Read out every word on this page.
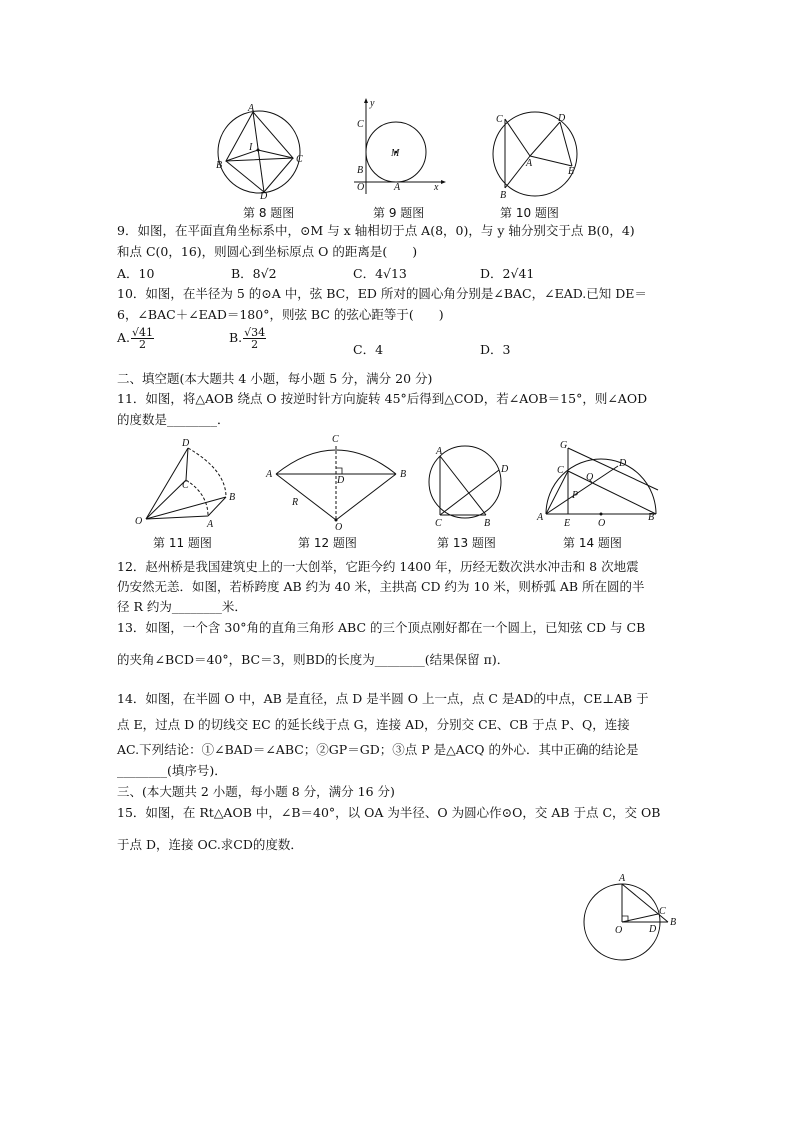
A
B
C
D
I
第 8 题图
y
C
M
B
O	A	x
第 9 题图
C	D
A
E
B
第 10 题图
9．如图，在平面直角坐标系中，⊙M 与 x 轴相切于点 A(8，0)，与 y 轴分别交于点 B(0，4)
和点 C(0，16)，则圆心到坐标原点 O 的距离是(　　)
A．10	B．8√2	C．4√13	D．2√41
10．如图，在半径为 5 的⊙A 中，弦 BC，ED 所对的圆心角分别是∠BAC，∠EAD.已知 DE＝
6，∠BAC＋∠EAD＝180°，则弦 BC 的弦心距等于(　　)
A. $\frac{√41}{2}$	B. $\frac{√34}{2}$	C．4	D．3
二、填空题(本大题共 4 小题，每小题 5 分，满分 20 分)
11．如图，将△AOB 绕点 O 按逆时针方向旋转 45°后得到△COD，若∠AOB＝15°，则∠AOD
的度数是________．
D
C
B
O	A
第 11 题图
C
A
D
B
R
O
第 12 题图
A
D
C	B
第 13 题图
G
C
Q
D
P
A
E	O
B
第 14 题图
12．赵州桥是我国建筑史上的一大创举，它距今约 1400 年，历经无数次洪水冲击和 8 次地震
仍安然无恙．如图，若桥跨度 AB 约为 40 米，主拱高 CD 约为 10 米，则桥弧 AB 所在圆的半
径 R 约为________米．
13．如图，一个含 30°角的直角三角形 ABC 的三个顶点刚好都在一个圆上，已知弦 CD 与 CB
的夹角∠BCD＝40°，BC＝3，则BD的长度为________(结果保留 π)．
14．如图，在半圆 O 中，AB 是直径，点 D 是半圆 O 上一点，点 C 是AD的中点，CE⊥AB 于
点 E，过点 D 的切线交 EC 的延长线于点 G，连接 AD，分别交 CE、CB 于点 P、Q，连接
AC.下列结论：①∠BAD＝∠ABC；②GP＝GD；③点 P 是△ACQ 的外心．其中正确的结论是
________(填序号)．
三、(本大题共 2 小题，每小题 8 分，满分 16 分)
15．如图，在 Rt△AOB 中，∠B＝40°，以 OA 为半径、O 为圆心作⊙O，交 AB 于点 C，交 OB
于点 D，连接 OC.求CD的度数．
A
C
B
O	D
